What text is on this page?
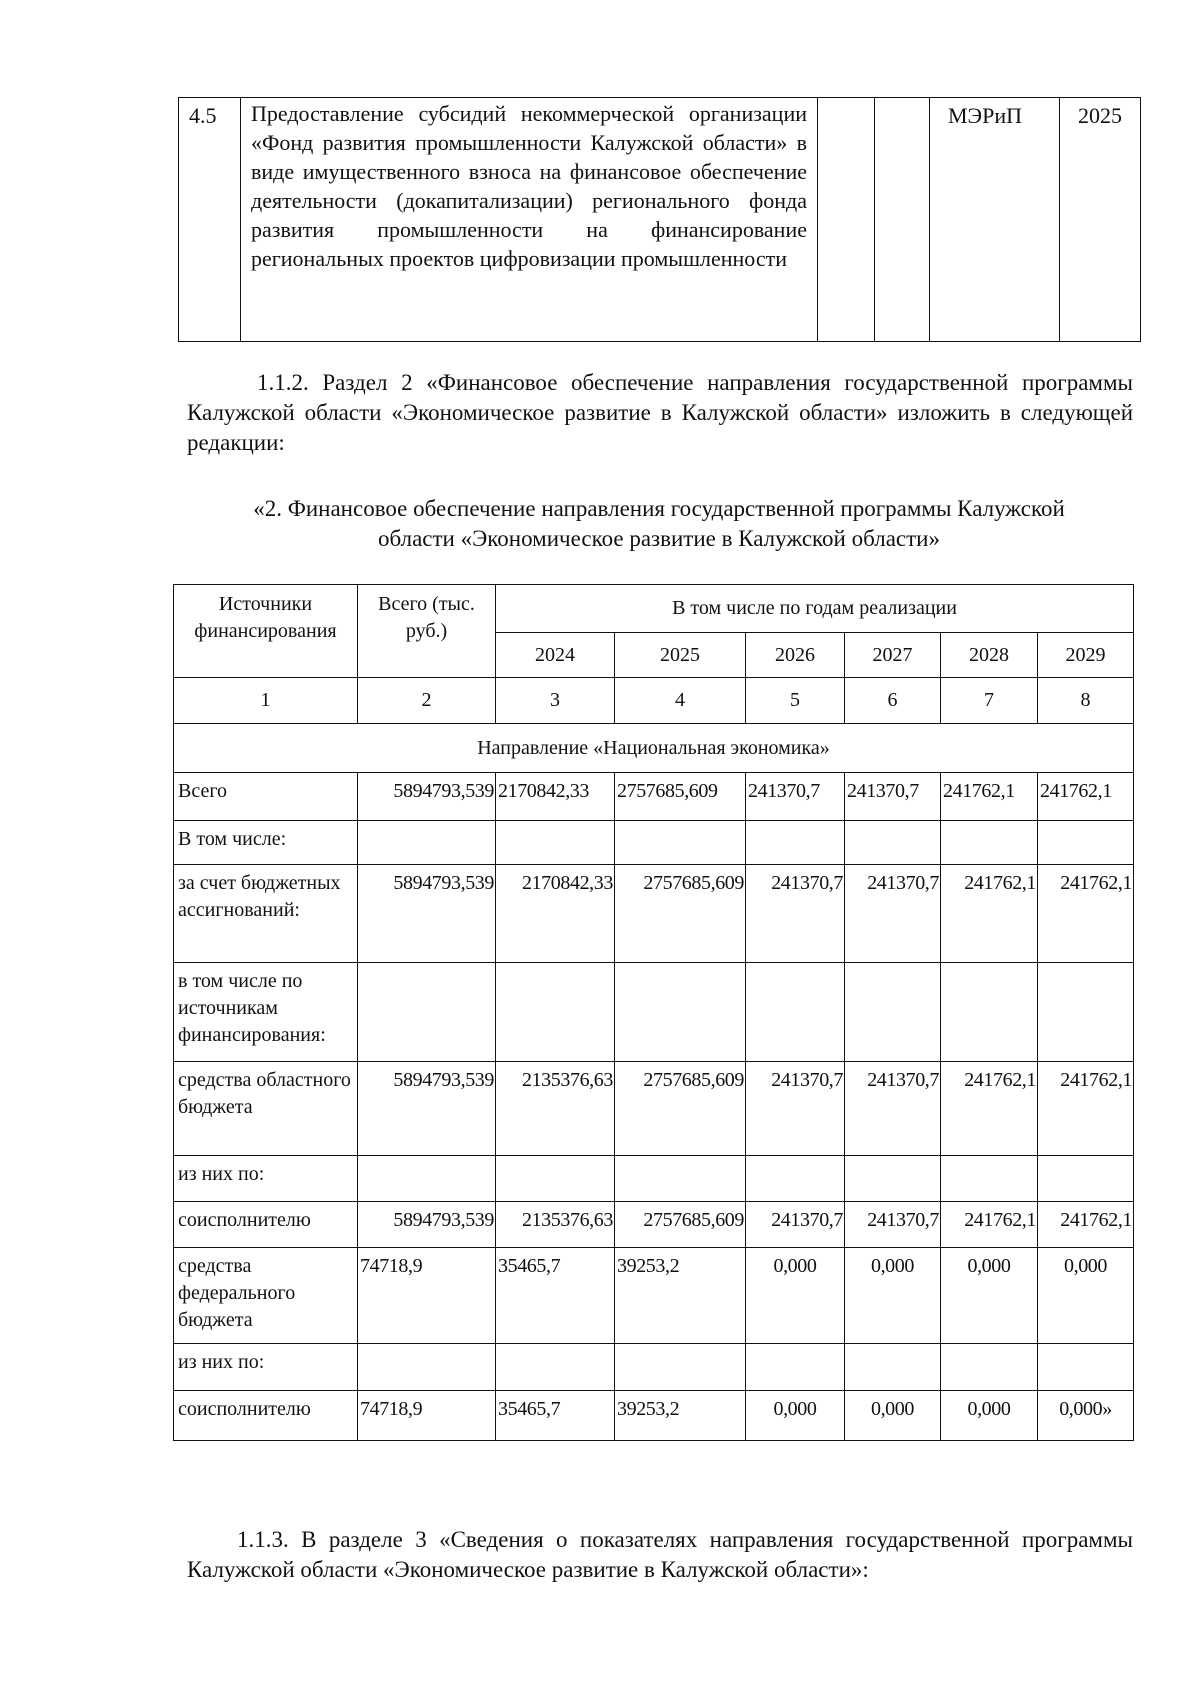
4.5	Предоставление субсидий некоммерческой организации «Фонд развития промышленности Калужской области» в виде имущественного взноса на финансовое обеспечение деятельности (докапитализации) регионального фонда развития промышленности на финансирование региональных проектов цифровизации промышленности			МЭРиП	2025
1.1.2. Раздел 2 «Финансовое обеспечение направления государственной программы Калужской области «Экономическое развитие в Калужской области» изложить в следующей редакции:
«2. Финансовое обеспечение направления государственной программы Калужской
области «Экономическое развитие в Калужской области»
Источники финансирования	Всего (тыс. руб.)	В том числе по годам реализации					
		2024	2025	2026	2027	2028	2029
1	2	3	4	5	6	7	8
Направление «Национальная экономика»							
Всего	5894793,539	2170842,33	2757685,609	241370,7	241370,7	241762,1	241762,1
В том числе:							
за счет бюджетных ассигнований:	5894793,539	2170842,33	2757685,609	241370,7	241370,7	241762,1	241762,1
в том числе по источникам финансирования:							
средства областного бюджета	5894793,539	2135376,63	2757685,609	241370,7	241370,7	241762,1	241762,1
из них по:							
соисполнителю	5894793,539	2135376,63	2757685,609	241370,7	241370,7	241762,1	241762,1
средства федерального бюджета	74718,9	35465,7	39253,2	0,000	0,000	0,000	0,000
из них по:							
соисполнителю	74718,9	35465,7	39253,2	0,000	0,000	0,000	0,000»
1.1.3. В разделе 3 «Сведения о показателях направления государственной программы Калужской области «Экономическое развитие в Калужской области»:
